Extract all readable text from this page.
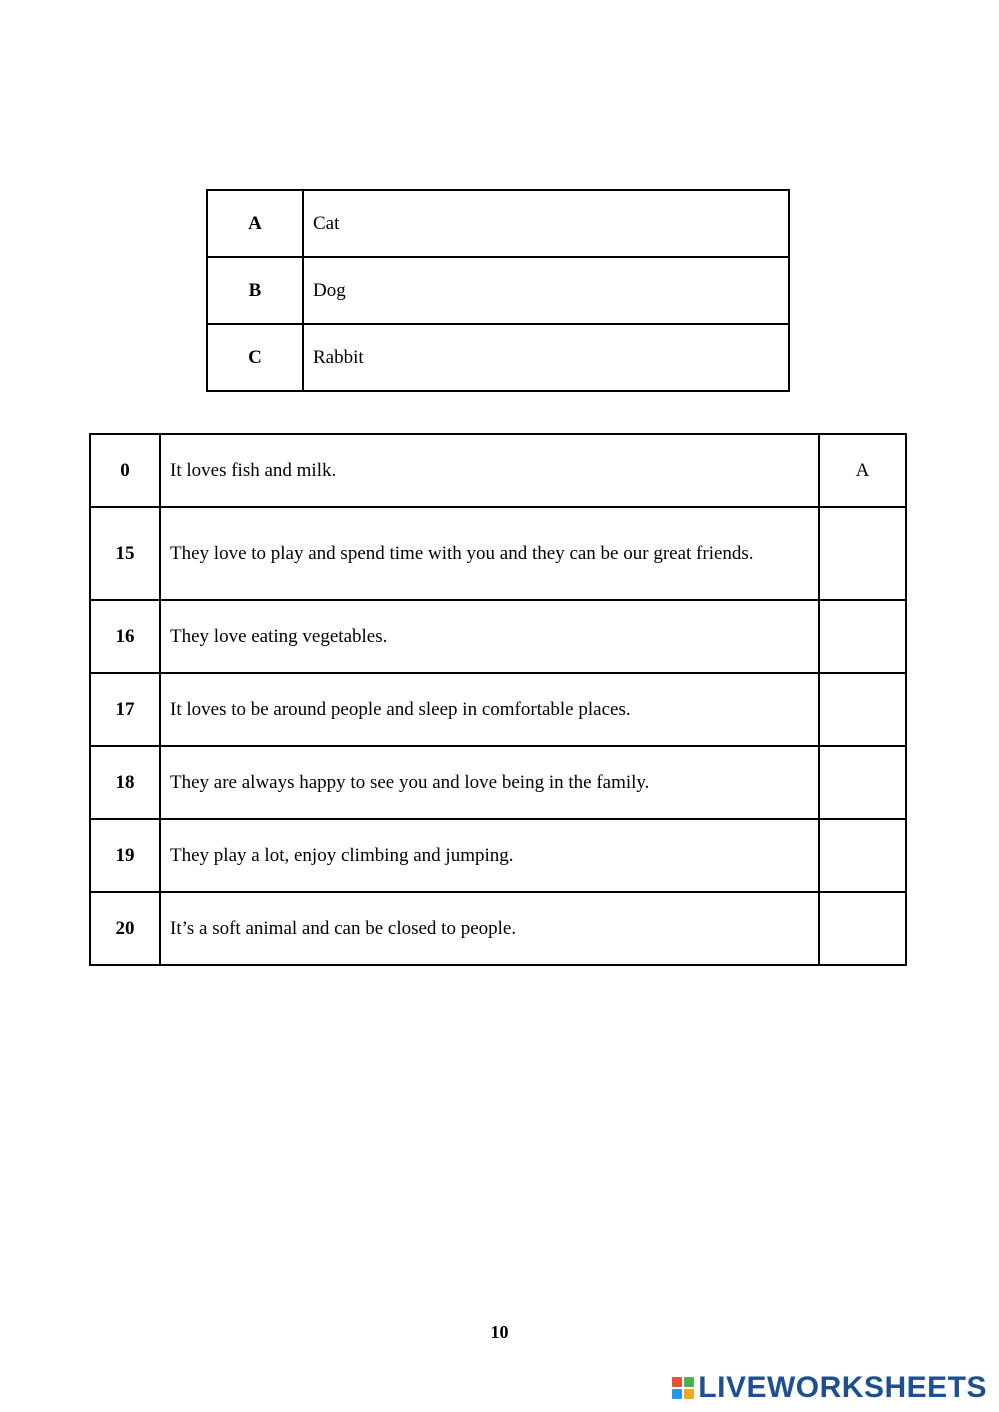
A	Cat
B	Dog
C	Rabbit
0	It loves fish and milk.	A
15	They love to play and spend time with you and they can be our great friends.	
16	They love eating vegetables.	
17	It loves to be around people and sleep in comfortable places.	
18	They are always happy to see you and love being in the family.	
19	They play a lot, enjoy climbing and jumping.	
20	It’s a soft animal and can be closed to people.	
10
LIVEWORKSHEETS
